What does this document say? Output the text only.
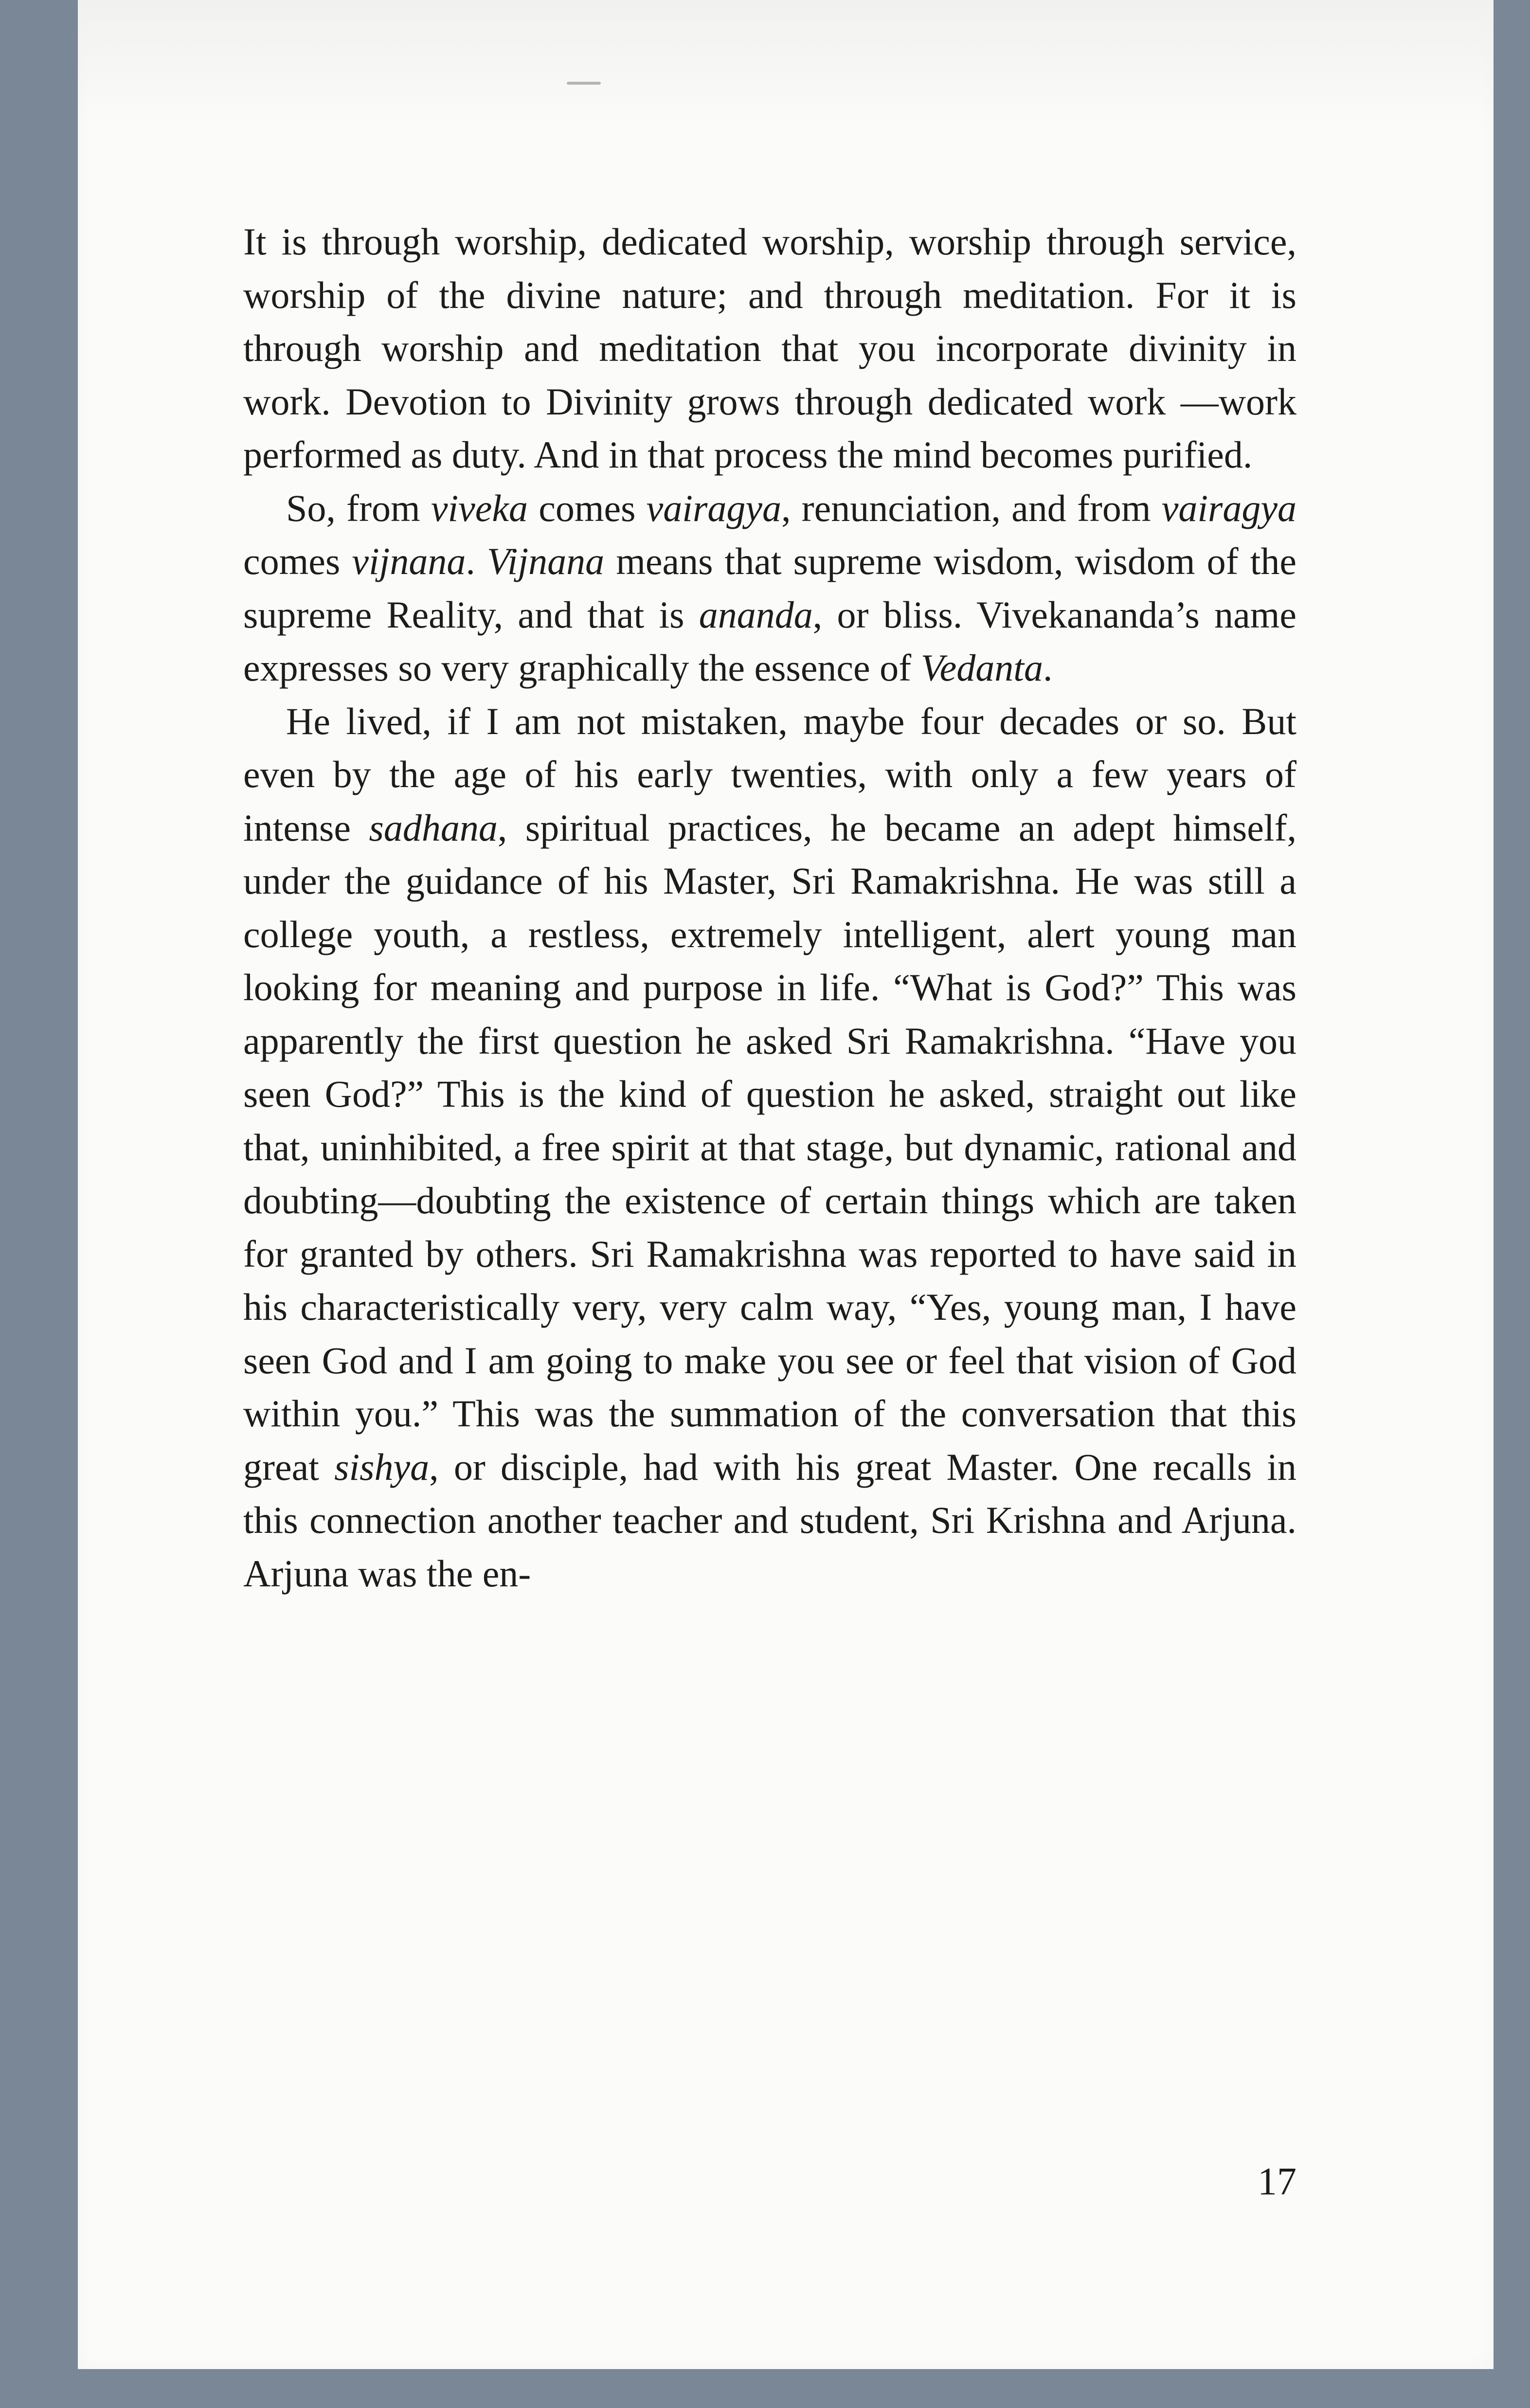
It is through worship, dedicated worship, worship through service, worship of the divine nature; and through meditation. For it is through worship and meditation that you incorporate divinity in work. Devotion to Divinity grows through dedicated work —work performed as duty. And in that process the mind becomes purified.

So, from viveka comes vairagya, renunciation, and from vairagya comes vijnana. Vijnana means that supreme wisdom, wisdom of the supreme Reality, and that is ananda, or bliss. Vivekananda’s name expresses so very graphically the essence of Vedanta.

He lived, if I am not mistaken, maybe four decades or so. But even by the age of his early twenties, with only a few years of intense sadhana, spiritual practices, he became an adept himself, under the guidance of his Master, Sri Ramakrishna. He was still a college youth, a restless, extremely intelligent, alert young man looking for meaning and purpose in life. “What is God?” This was apparently the first question he asked Sri Ramakrishna. “Have you seen God?” This is the kind of question he asked, straight out like that, uninhibited, a free spirit at that stage, but dynamic, rational and doubting—doubting the existence of certain things which are taken for granted by others. Sri Ramakrishna was reported to have said in his characteristically very, very calm way, “Yes, young man, I have seen God and I am going to make you see or feel that vision of God within you.” This was the summation of the conversation that this great sishya, or disciple, had with his great Master. One recalls in this connection another teacher and student, Sri Krishna and Arjuna. Arjuna was the en-

17
